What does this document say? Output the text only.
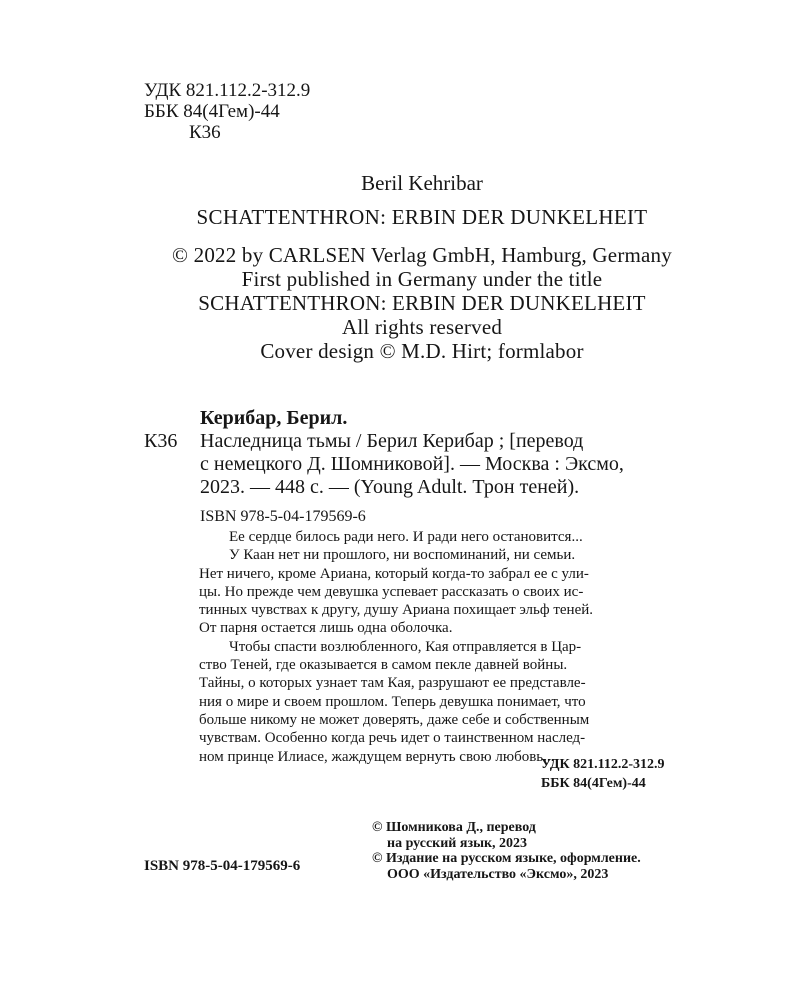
УДК 821.112.2-312.9
ББК 84(4Гем)-44
К36
Beril Kehribar
SCHATTENTHRON: ERBIN DER DUNKELHEIT
© 2022 by CARLSEN Verlag GmbH, Hamburg, Germany
First published in Germany under the title
SCHATTENTHRON: ERBIN DER DUNKELHEIT
All rights reserved
Cover design © M.D. Hirt; formlabor
Керибар, Берил.
К36 Наследница тьмы / Берил Керибар ; [перевод
с немецкого Д. Шомниковой]. — Москва : Эксмо,
2023. — 448 с. — (Young Adult. Трон теней).
ISBN 978-5-04-179569-6

Ее сердце билось ради него. И ради него остановится...

У Каан нет ни прошлого, ни воспоминаний, ни семьи.
Нет ничего, кроме Ариана, который когда-то забрал ее с ули-
цы. Но прежде чем девушка успевает рассказать о своих ис-
тинных чувствах к другу, душу Ариана похищает эльф теней.
От парня остается лишь одна оболочка.

Чтобы спасти возлюбленного, Кая отправляется в Цар-
ство Теней, где оказывается в самом пекле давней войны.
Тайны, о которых узнает там Кая, разрушают ее представле-
ния о мире и своем прошлом. Теперь девушка понимает, что
больше никому не может доверять, даже себе и собственным
чувствам. Особенно когда речь идет о таинственном наслед-
ном принце Илиасе, жаждущем вернуть свою любовь...

УДК 821.112.2-312.9
ББК 84(4Гем)-44
© Шомникова Д., перевод
на русский язык, 2023
© Издание на русском языке, оформление.
ООО «Издательство «Эксмо», 2023
ISBN 978-5-04-179569-6
